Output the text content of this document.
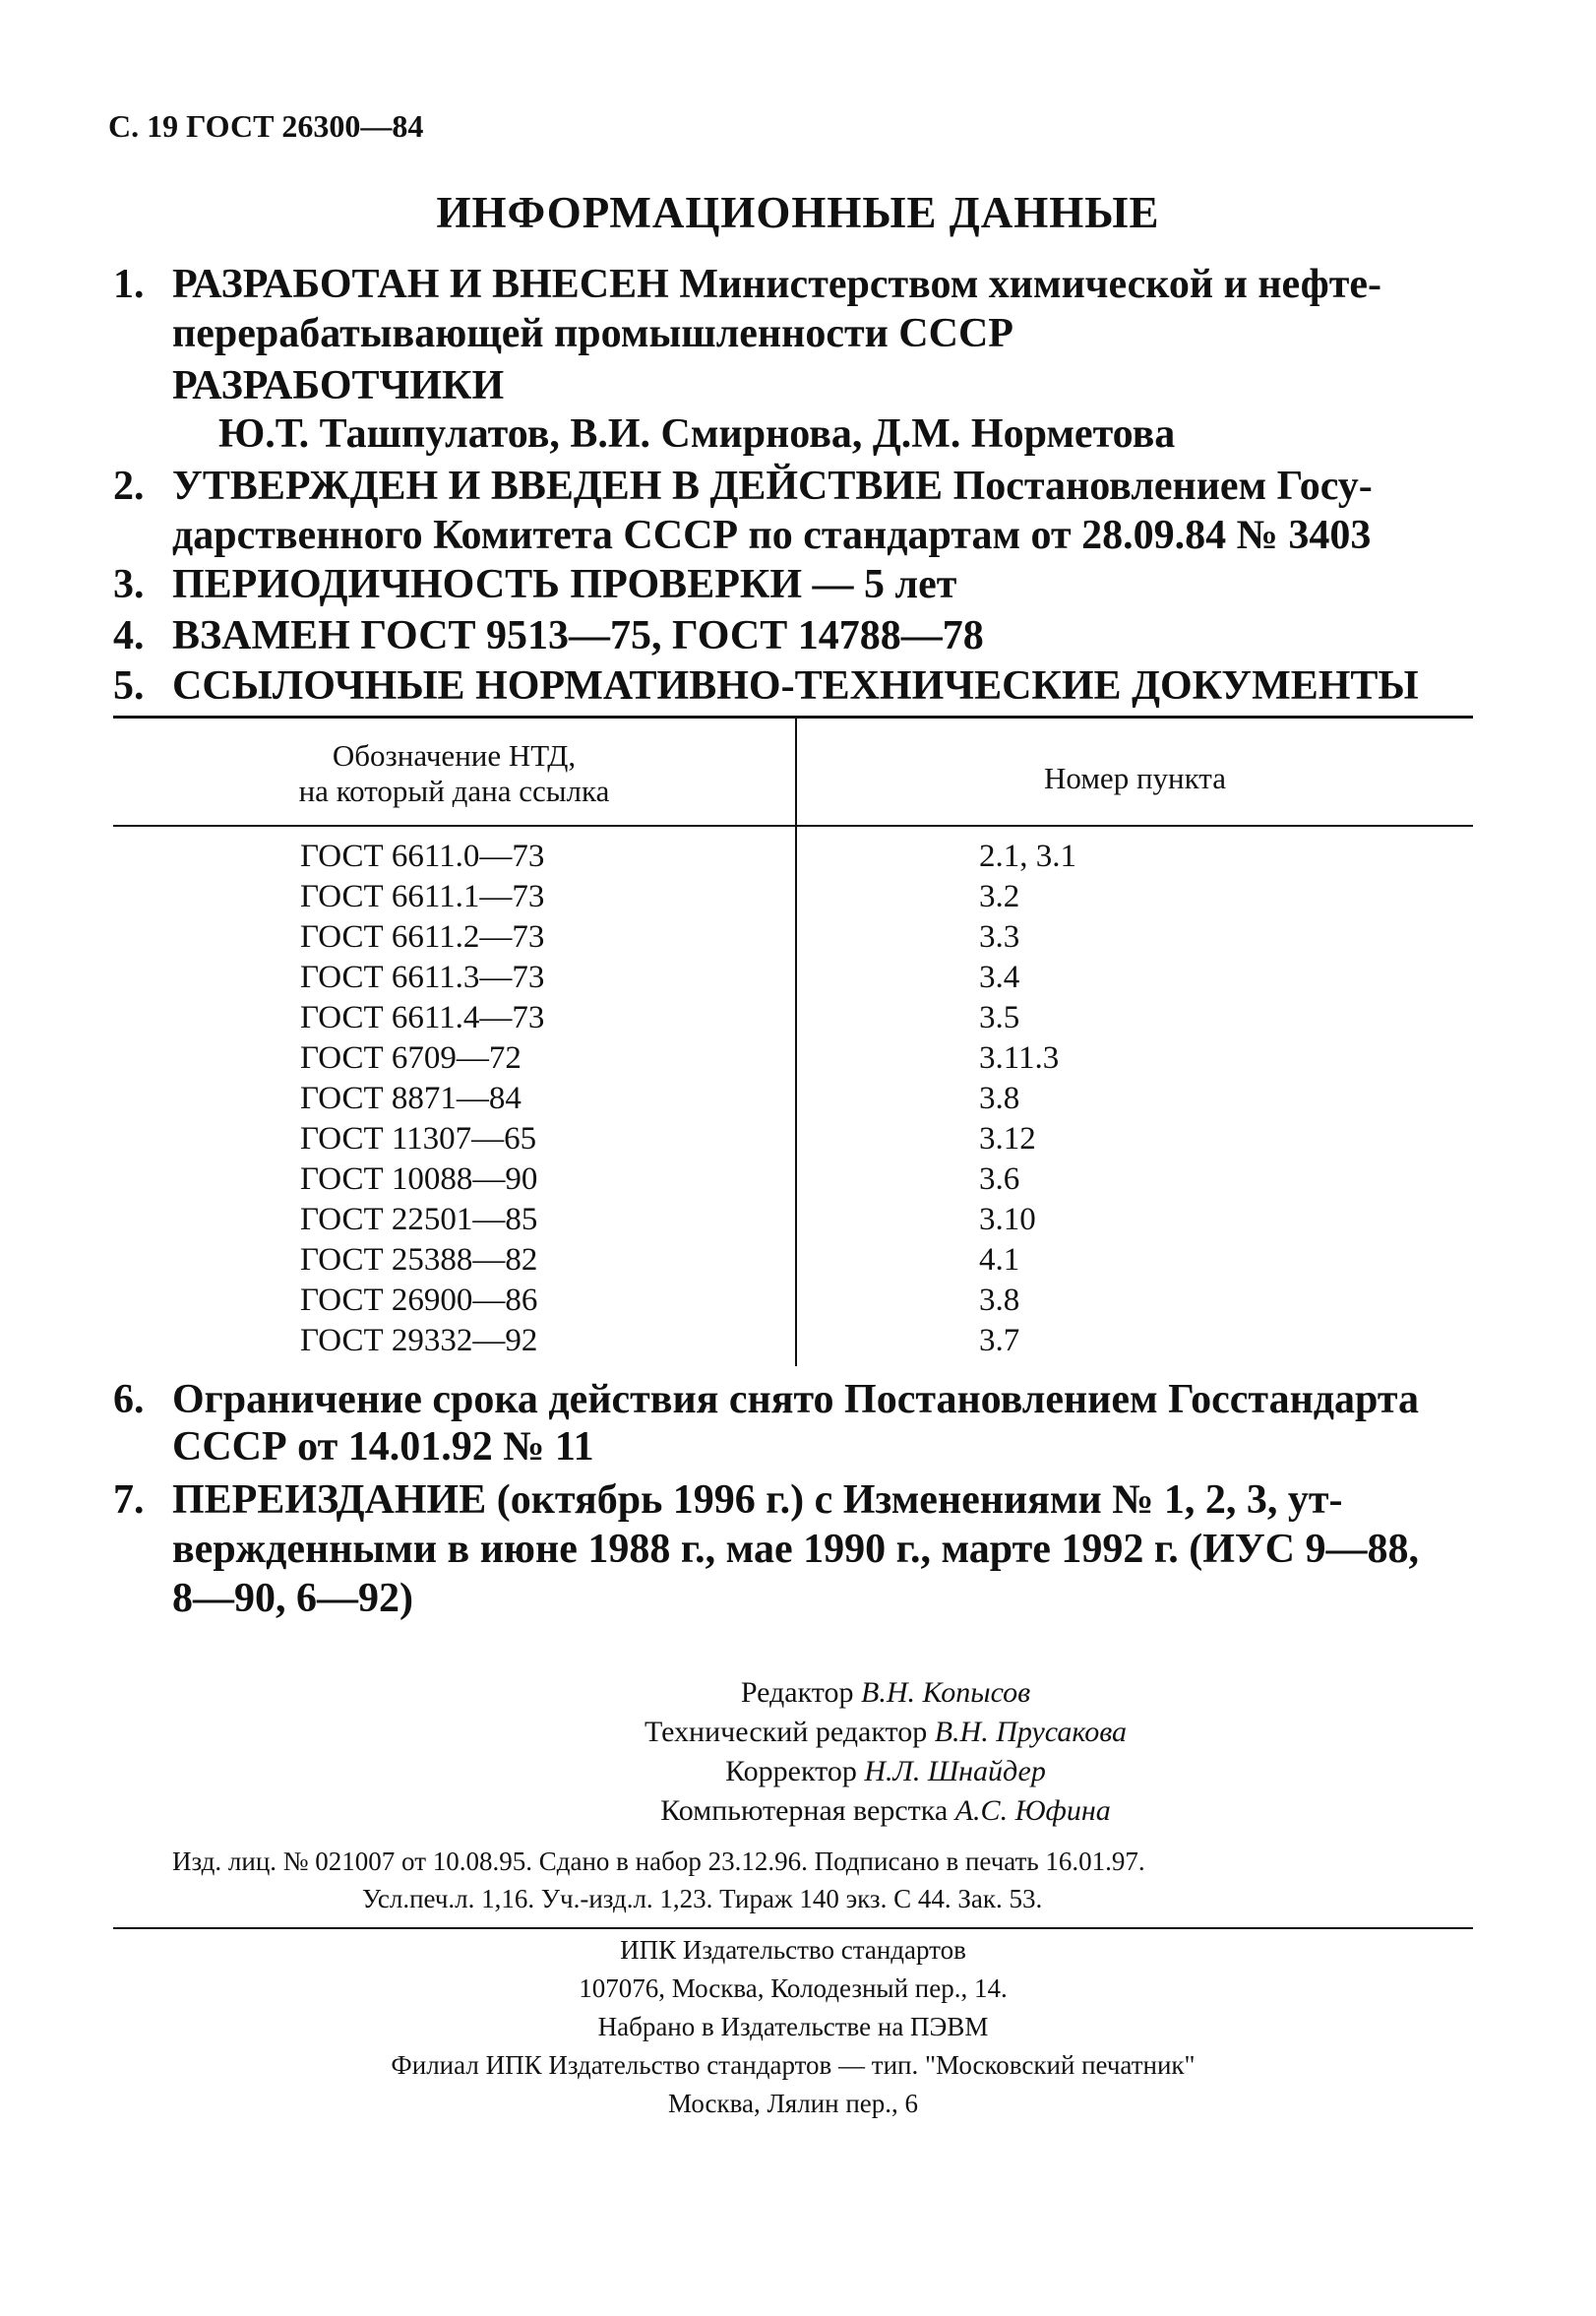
С. 19 ГОСТ 26300—84
ИНФОРМАЦИОННЫЕ ДАННЫЕ
1. РАЗРАБОТАН И ВНЕСЕН Министерством химической и нефте-
перерабатывающей промышленности СССР
РАЗРАБОТЧИКИ
Ю.Т. Ташпулатов, В.И. Смирнова, Д.М. Норметова
2. УТВЕРЖДЕН И ВВЕДЕН В ДЕЙСТВИЕ Постановлением Госу-
дарственного Комитета СССР по стандартам от 28.09.84 № 3403
3. ПЕРИОДИЧНОСТЬ ПРОВЕРКИ — 5 лет
4. ВЗАМЕН ГОСТ 9513—75, ГОСТ 14788—78
5. ССЫЛОЧНЫЕ НОРМАТИВНО-ТЕХНИЧЕСКИЕ ДОКУМЕНТЫ
Обозначение НТД,
на который дана ссылка	Номер пункта
ГОСТ 6611.0—73	2.1, 3.1
ГОСТ 6611.1—73	3.2
ГОСТ 6611.2—73	3.3
ГОСТ 6611.3—73	3.4
ГОСТ 6611.4—73	3.5
ГОСТ 6709—72	3.11.3
ГОСТ 8871—84	3.8
ГОСТ 11307—65	3.12
ГОСТ 10088—90	3.6
ГОСТ 22501—85	3.10
ГОСТ 25388—82	4.1
ГОСТ 26900—86	3.8
ГОСТ 29332—92	3.7
6. Ограничение срока действия снято Постановлением Госстандарта
СССР от 14.01.92 № 11
7. ПЕРЕИЗДАНИЕ (октябрь 1996 г.) с Изменениями № 1, 2, 3, ут-
вержденными в июне 1988 г., мае 1990 г., марте 1992 г. (ИУС 9—88,
8—90, 6—92)
Редактор В.Н. Копысов
Технический редактор В.Н. Прусакова
Корректор Н.Л. Шнайдер
Компьютерная верстка А.С. Юфина
Изд. лиц. № 021007 от 10.08.95. Сдано в набор 23.12.96. Подписано в печать 16.01.97.
Усл.печ.л. 1,16. Уч.-изд.л. 1,23. Тираж 140 экз. С 44. Зак. 53.
ИПК Издательство стандартов
107076, Москва, Колодезный пер., 14.
Набрано в Издательстве на ПЭВМ
Филиал ИПК Издательство стандартов — тип. "Московский печатник"
Москва, Лялин пер., 6
